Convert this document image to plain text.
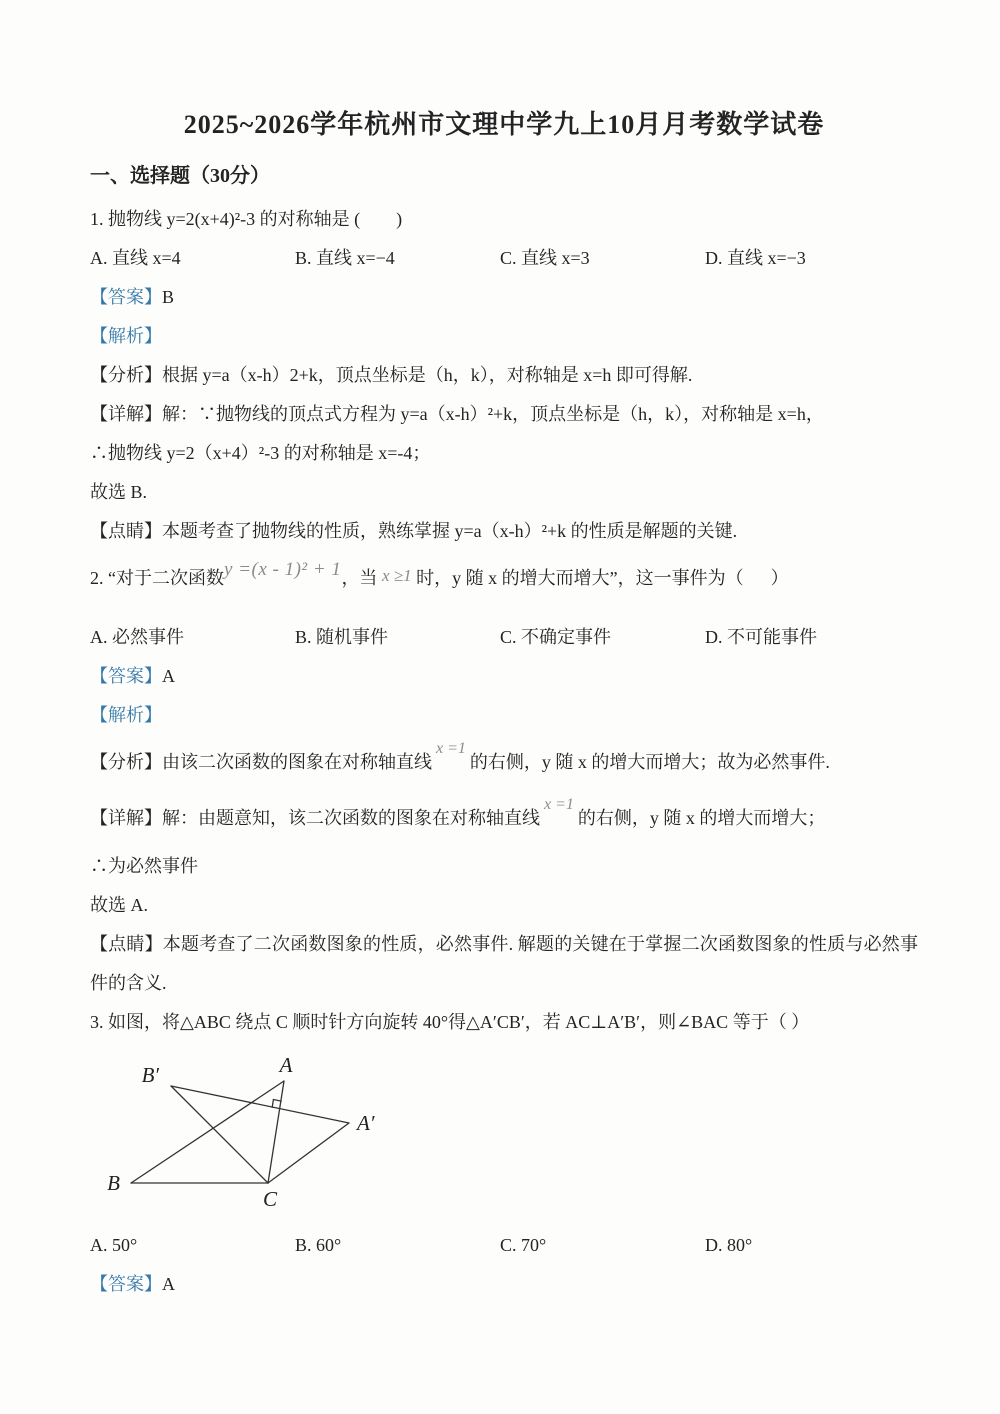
2025~2026学年杭州市文理中学九上10月月考数学试卷
一、选择题（30分）

1. 抛物线 y=2(x+4)²-3 的对称轴是 (        )

A. 直线 x=4	B. 直线 x=−4	C. 直线 x=3	D. 直线 x=−3

【答案】B

【解析】

【分析】根据 y=a（x-h）2+k，顶点坐标是（h，k），对称轴是 x=h 即可得解.

【详解】解：∵抛物线的顶点式方程为 y=a（x-h）²+k，顶点坐标是（h，k），对称轴是 x=h，

∴抛物线 y=2（x+4）²-3 的对称轴是 x=-4；

故选 B.

【点睛】本题考查了抛物线的性质，熟练掌握 y=a（x-h）²+k 的性质是解题的关键.

2. “对于二次函数y =(x - 1)² + 1，当 x ≥1 时，y 随 x 的增大而增大”，这一事件为（      ）

A. 必然事件	B. 随机事件	C. 不确定事件	D. 不可能事件

【答案】A

【解析】

【分析】由该二次函数的图象在对称轴直线x =1的右侧，y 随 x 的增大而增大；故为必然事件.

【详解】解：由题意知，该二次函数的图象在对称轴直线x =1的右侧，y 随 x 的增大而增大；

∴为必然事件

故选 A.

【点睛】本题考查了二次函数图象的性质，必然事件. 解题的关键在于掌握二次函数图象的性质与必然事件的含义.

3. 如图，将△ABC 绕点 C 顺时针方向旋转 40°得△A′CB′，若 AC⊥A′B′，则∠BAC 等于（ ）

A
B′
A′
B
C
A. 50°	B. 60°	C. 70°	D. 80°

【答案】A
